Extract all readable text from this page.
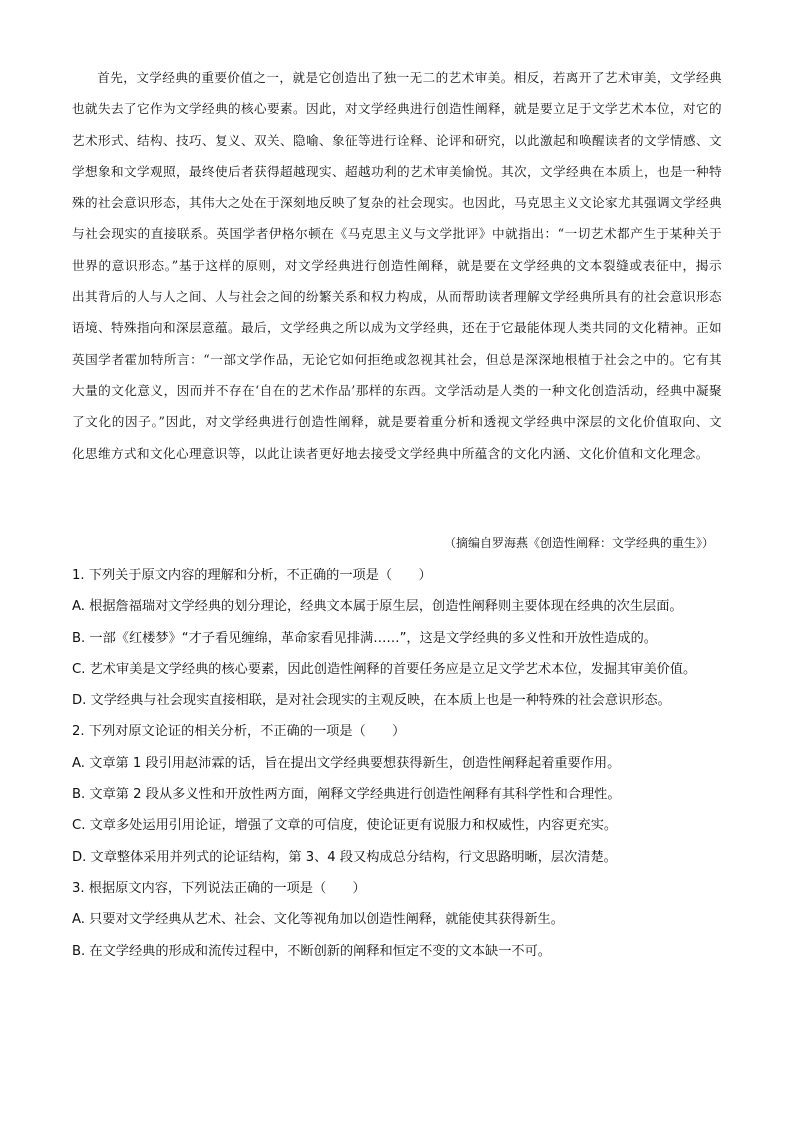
首先，文学经典的重要价值之一，就是它创造出了独一无二的艺术审美。相反，若离开了艺术审美，文学经典也就失去了它作为文学经典的核心要素。因此，对文学经典进行创造性阐释，就是要立足于文学艺术本位，对它的艺术形式、结构、技巧、复义、双关、隐喻、象征等进行诠释、论评和研究，以此激起和唤醒读者的文学情感、文学想象和文学观照，最终使后者获得超越现实、超越功利的艺术审美愉悦。其次，文学经典在本质上，也是一种特殊的社会意识形态，其伟大之处在于深刻地反映了复杂的社会现实。也因此，马克思主义文论家尤其强调文学经典与社会现实的直接联系。英国学者伊格尔顿在《马克思主义与文学批评》中就指出：“一切艺术都产生于某种关于世界的意识形态。”基于这样的原则，对文学经典进行创造性阐释，就是要在文学经典的文本裂缝或表征中，揭示出其背后的人与人之间、人与社会之间的纷繁关系和权力构成，从而帮助读者理解文学经典所具有的社会意识形态语境、特殊指向和深层意蕴。最后，文学经典之所以成为文学经典，还在于它最能体现人类共同的文化精神。正如英国学者霍加特所言：“一部文学作品，无论它如何拒绝或忽视其社会，但总是深深地根植于社会之中的。它有其大量的文化意义，因而并不存在‘自在的艺术作品’那样的东西。文学活动是人类的一种文化创造活动，经典中凝聚了文化的因子。”因此，对文学经典进行创造性阐释，就是要着重分析和透视文学经典中深层的文化价值取向、文化思维方式和文化心理意识等，以此让读者更好地去接受文学经典中所蕴含的文化内涵、文化价值和文化理念。

（摘编自罗海燕《创造性阐释：文学经典的重生》）

1. 下列关于原文内容的理解和分析，不正确的一项是（　　）
A. 根据詹福瑞对文学经典的划分理论，经典文本属于原生层，创造性阐释则主要体现在经典的次生层面。
B. 一部《红楼梦》“才子看见缠绵，革命家看见排满……”，这是文学经典的多义性和开放性造成的。
C. 艺术审美是文学经典的核心要素，因此创造性阐释的首要任务应是立足文学艺术本位，发掘其审美价值。
D. 文学经典与社会现实直接相联，是对社会现实的主观反映，在本质上也是一种特殊的社会意识形态。
2. 下列对原文论证的相关分析，不正确的一项是（　　）
A. 文章第 1 段引用赵沛霖的话，旨在提出文学经典要想获得新生，创造性阐释起着重要作用。
B. 文章第 2 段从多义性和开放性两方面，阐释文学经典进行创造性阐释有其科学性和合理性。
C. 文章多处运用引用论证，增强了文章的可信度，使论证更有说服力和权威性，内容更充实。
D. 文章整体采用并列式的论证结构，第 3、4 段又构成总分结构，行文思路明晰，层次清楚。
3. 根据原文内容，下列说法正确的一项是（　　）
A. 只要对文学经典从艺术、社会、文化等视角加以创造性阐释，就能使其获得新生。
B. 在文学经典的形成和流传过程中，不断创新的阐释和恒定不变的文本缺一不可。
